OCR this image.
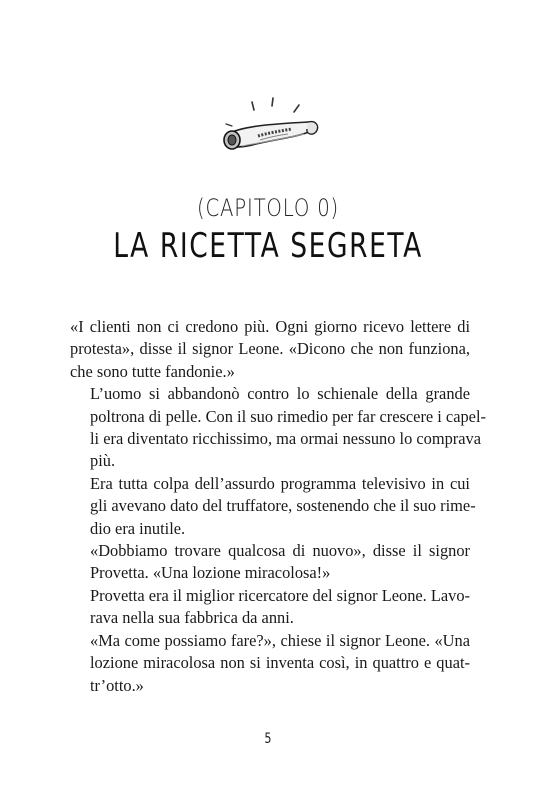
(CAPITOLO 0)
LA RICETTA SEGRETA

«I clienti non ci credono più. Ogni giorno ricevo lettere di
protesta», disse il signor Leone. «Dicono che non funziona,
che sono tutte fandonie.»

L’uomo si abbandonò contro lo schienale della grande
poltrona di pelle. Con il suo rimedio per far crescere i capel-
li era diventato ricchissimo, ma ormai nessuno lo comprava
più.

Era tutta colpa dell’assurdo programma televisivo in cui
gli avevano dato del truffatore, sostenendo che il suo rime-
dio era inutile.

«Dobbiamo trovare qualcosa di nuovo», disse il signor
Provetta. «Una lozione miracolosa!»

Provetta era il miglior ricercatore del signor Leone. Lavo-
rava nella sua fabbrica da anni.

«Ma come possiamo fare?», chiese il signor Leone. «Una
lozione miracolosa non si inventa così, in quattro e quat-
tr’otto.»

5
